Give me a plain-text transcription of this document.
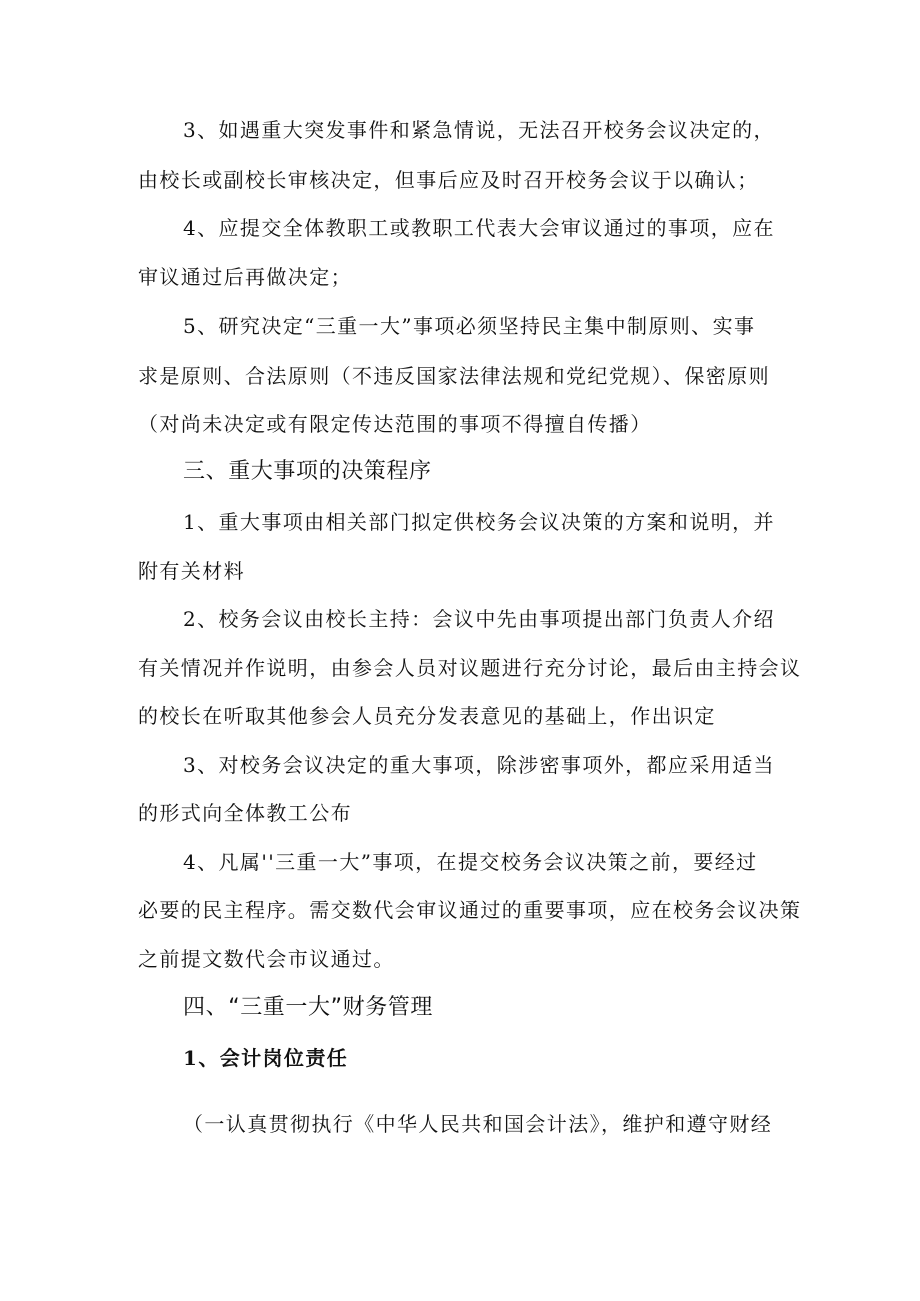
3、如遇重大突发事件和紧急情说，无法召开校务会议决定的，
由校长或副校长审核决定，但事后应及时召开校务会议于以确认；
4、应提交全体教职工或教职工代表大会审议通过的事项，应在
审议通过后再做决定；
5、研究决定“三重一大”事项必须坚持民主集中制原则、实事
求是原则、合法原则（不违反国家法律法规和党纪党规）、保密原则
（对尚未决定或有限定传达范围的事项不得擅自传播）
三、重大事项的决策程序
1、重大事项由相关部门拟定供校务会议决策的方案和说明，并
附有关材料
2、校务会议由校长主持：会议中先由事项提出部门负责人介绍
有关情况并作说明，由参会人员对议题进行充分讨论，最后由主持会议
的校长在听取其他参会人员充分发表意见的基础上，作出识定
3、对校务会议决定的重大事项，除涉密事项外，都应采用适当
的形式向全体教工公布
4、凡属''三重一大”事项，在提交校务会议决策之前，要经过
必要的民主程序。需交数代会审议通过的重要事项，应在校务会议决策
之前提文数代会市议通过。
四、“三重一大”财务管理
1、会计岗位责任
（一认真贯彻执行《中华人民共和国会计法》，维护和遵守财经
